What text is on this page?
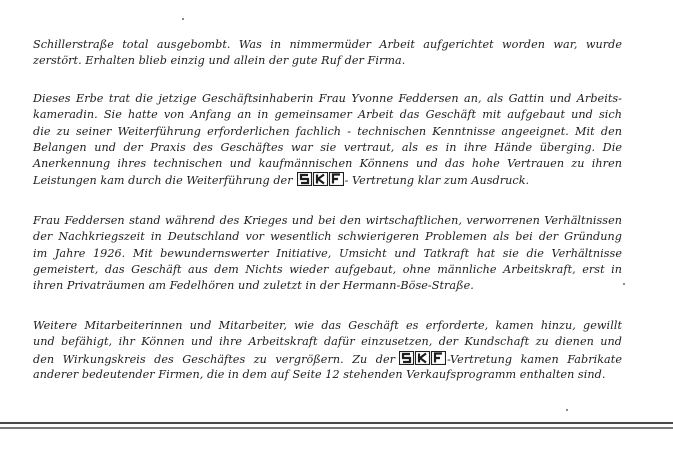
Schillerstraße total ausgebombt. Was in nimmermüder Arbeit aufgerichtet worden war, wurde
zerstört. Erhalten blieb einzig und allein der gute Ruf der Firma.
Dieses Erbe trat die jetzige Geschäftsinhaberin Frau Yvonne Feddersen an, als Gattin und Arbeits-
kameradin. Sie hatte von Anfang an in gemeinsamer Arbeit das Geschäft mit aufgebaut und sich
die zu seiner Weiterführung erforderlichen fachlich - technischen Kenntnisse angeeignet. Mit den
Belangen und der Praxis des Geschäftes war sie vertraut, als es in ihre Hände überging. Die
Anerkennung ihres technischen und kaufmännischen Könnens und das hohe Vertrauen zu ihren
Leistungen kam durch die Weiterführung der	- Vertretung klar zum Ausdruck.
Frau Feddersen stand während des Krieges und bei den wirtschaftlichen, verworrenen Verhältnissen
der Nachkriegszeit in Deutschland vor wesentlich schwierigeren Problemen als bei der Gründung
im Jahre 1926. Mit bewundernswerter Initiative, Umsicht und Tatkraft hat sie die Verhältnisse
gemeistert, das Geschäft aus dem Nichts wieder aufgebaut, ohne männliche Arbeitskraft, erst in
ihren Privaträumen am Fedelhören und zuletzt in der Hermann-Böse-Straße.
Weitere Mitarbeiterinnen und Mitarbeiter, wie das Geschäft es erforderte, kamen hinzu, gewillt
und befähigt, ihr Können und ihre Arbeitskraft dafür einzusetzen, der Kundschaft zu dienen und
den Wirkungskreis des Geschäftes zu vergrößern. Zu der	-Vertretung kamen Fabrikate
anderer bedeutender Firmen, die in dem auf Seite 12 stehenden Verkaufsprogramm enthalten sind.
